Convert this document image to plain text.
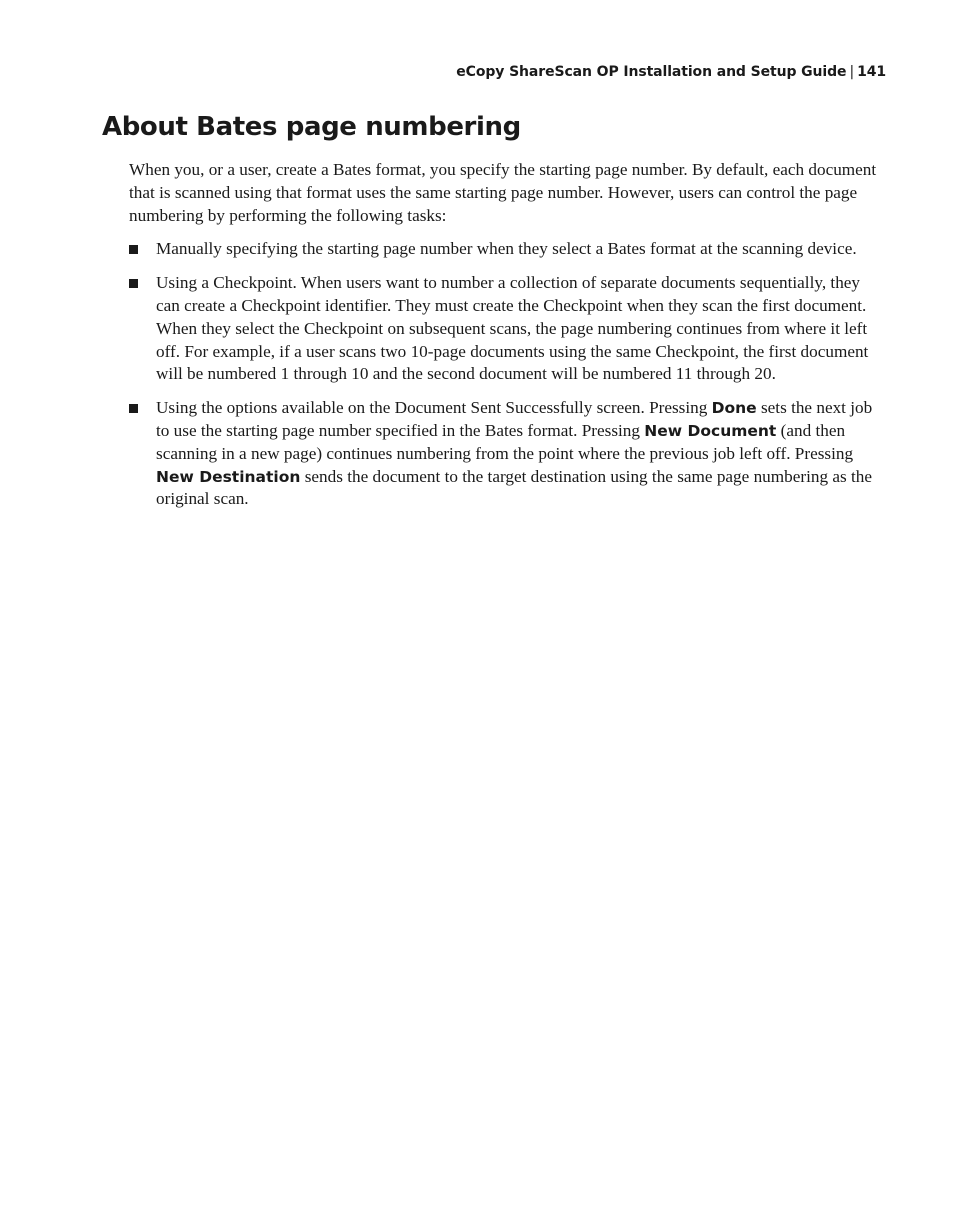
eCopy ShareScan OP Installation and Setup Guide | 141
About Bates page numbering

When you, or a user, create a Bates format, you specify the starting page number. By default, each document that is scanned using that format uses the same starting page number. However, users can control the page numbering by performing the following tasks:

Manually specifying the starting page number when they select a Bates format at the scanning device.
Using a Checkpoint. When users want to number a collection of separate documents sequentially, they can create a Checkpoint identifier. They must create the Checkpoint when they scan the first document. When they select the Checkpoint on subsequent scans, the page numbering continues from where it left off. For example, if a user scans two 10-page documents using the same Checkpoint, the first document will be numbered 1 through 10 and the second document will be numbered 11 through 20.
Using the options available on the Document Sent Successfully screen. Pressing Done sets the next job to use the starting page number specified in the Bates format. Pressing New Document (and then scanning in a new page) continues numbering from the point where the previous job left off. Pressing New Destination sends the document to the target destination using the same page numbering as the original scan.
